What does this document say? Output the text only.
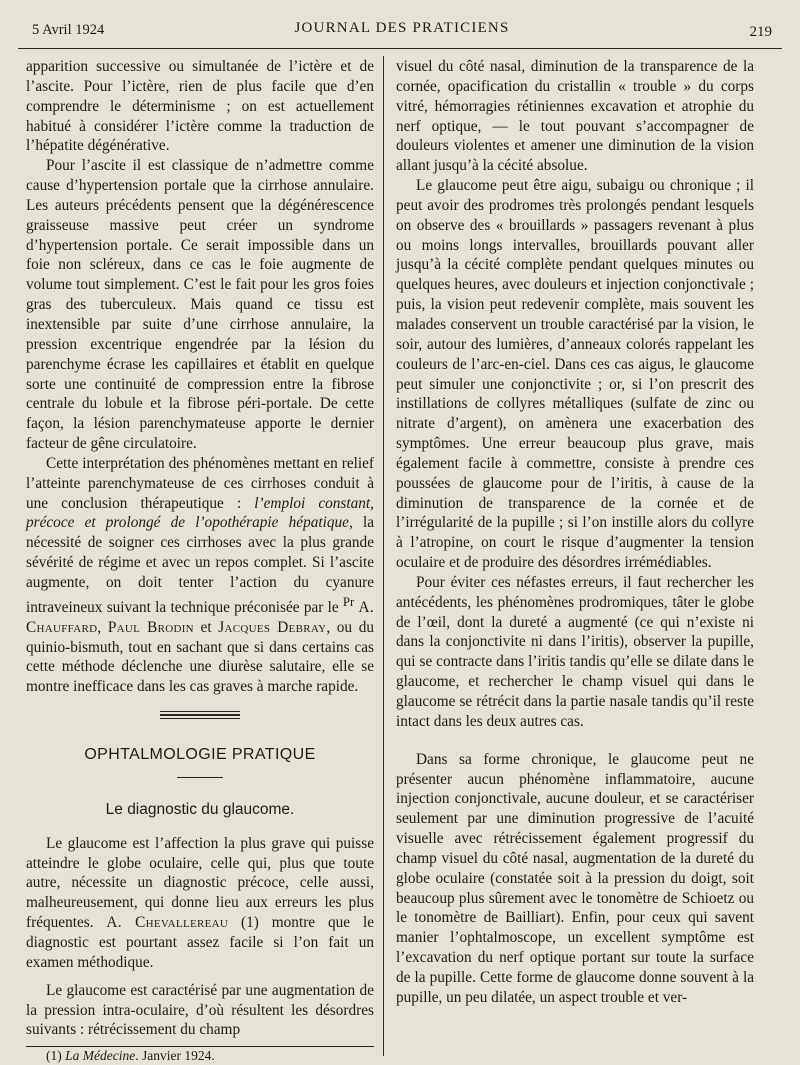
5 Avril 1924	JOURNAL DES PRATICIENS	219

apparition successive ou simultanée de l’ictère et de l’ascite. Pour l’ictère, rien de plus facile que d’en comprendre le déterminisme ; on est actuellement habitué à considérer l’ictère comme la traduction de l’hépatite dégénérative.

Pour l’ascite il est classique de n’admettre comme cause d’hypertension portale que la cirrhose annulaire. Les auteurs précédents pensent que la dégénérescence graisseuse massive peut créer un syndrome d’hypertension portale. Ce serait impossible dans un foie non scléreux, dans ce cas le foie augmente de volume tout simplement. C’est le fait pour les gros foies gras des tuberculeux. Mais quand ce tissu est inextensible par suite d’une cirrhose annulaire, la pression excentrique engendrée par la lésion du parenchyme écrase les capillaires et établit en quelque sorte une continuité de compression entre la fibrose centrale du lobule et la fibrose péri-portale. De cette façon, la lésion parenchymateuse apporte le dernier facteur de gêne circulatoire.

Cette interprétation des phénomènes mettant en relief l’atteinte parenchymateuse de ces cirrhoses conduit à une conclusion thérapeutique : l’emploi constant, précoce et prolongé de l’opothérapie hépatique, la nécessité de soigner ces cirrhoses avec la plus grande sévérité de régime et avec un repos complet. Si l’ascite augmente, on doit tenter l’action du cyanure intraveineux suivant la technique préconisée par le $^{Pr}$ A. Chauffard, Paul Brodin et Jacques Debray, ou du quinio-bismuth, tout en sachant que si dans certains cas cette méthode déclenche une diurèse salutaire, elle se montre inefficace dans les cas graves à marche rapide.

OPHTALMOLOGIE PRATIQUE
Le diagnostic du glaucome.

Le glaucome est l’affection la plus grave qui puisse atteindre le globe oculaire, celle qui, plus que toute autre, nécessite un diagnostic précoce, celle aussi, malheureusement, qui donne lieu aux erreurs les plus fréquentes. A. Chevallereau (1) montre que le diagnostic est pourtant assez facile si l’on fait un examen méthodique.

Le glaucome est caractérisé par une augmentation de la pression intra-oculaire, d’où résultent les désordres suivants : rétrécissement du champ

(1) La Médecine. Janvier 1924.

visuel du côté nasal, diminution de la transparence de la cornée, opacification du cristallin « trouble » du corps vitré, hémorragies rétiniennes excavation et atrophie du nerf optique, — le tout pouvant s’accompagner de douleurs violentes et amener une diminution de la vision allant jusqu’à la cécité absolue.

Le glaucome peut être aigu, subaigu ou chronique ; il peut avoir des prodromes très prolongés pendant lesquels on observe des « brouillards » passagers revenant à plus ou moins longs intervalles, brouillards pouvant aller jusqu’à la cécité complète pendant quelques minutes ou quelques heures, avec douleurs et injection conjonctivale ; puis, la vision peut redevenir complète, mais souvent les malades conservent un trouble caractérisé par la vision, le soir, autour des lumières, d’anneaux colorés rappelant les couleurs de l’arc-en-ciel. Dans ces cas aigus, le glaucome peut simuler une conjonctivite ; or, si l’on prescrit des instillations de collyres métalliques (sulfate de zinc ou nitrate d’argent), on amènera une exacerbation des symptômes. Une erreur beaucoup plus grave, mais également facile à commettre, consiste à prendre ces poussées de glaucome pour de l’iritis, à cause de la diminution de transparence de la cornée et de l’irrégularité de la pupille ; si l’on instille alors du collyre à l’atropine, on court le risque d’augmenter la tension oculaire et de produire des désordres irrémédiables.

Pour éviter ces néfastes erreurs, il faut rechercher les antécédents, les phénomènes prodromiques, tâter le globe de l’œil, dont la dureté a augmenté (ce qui n’existe ni dans la conjonctivite ni dans l’iritis), observer la pupille, qui se contracte dans l’iritis tandis qu’elle se dilate dans le glaucome, et rechercher le champ visuel qui dans le glaucome se rétrécit dans la partie nasale tandis qu’il reste intact dans les deux autres cas.

Dans sa forme chronique, le glaucome peut ne présenter aucun phénomène inflammatoire, aucune injection conjonctivale, aucune douleur, et se caractériser seulement par une diminution progressive de l’acuité visuelle avec rétrécissement également progressif du champ visuel du côté nasal, augmentation de la dureté du globe oculaire (constatée soit à la pression du doigt, soit beaucoup plus sûrement avec le tonomètre de Schioetz ou le tonomètre de Bailliart). Enfin, pour ceux qui savent manier l’ophtalmoscope, un excellent symptôme est l’excavation du nerf optique portant sur toute la surface de la pupille. Cette forme de glaucome donne souvent à la pupille, un peu dilatée, un aspect trouble et ver-
